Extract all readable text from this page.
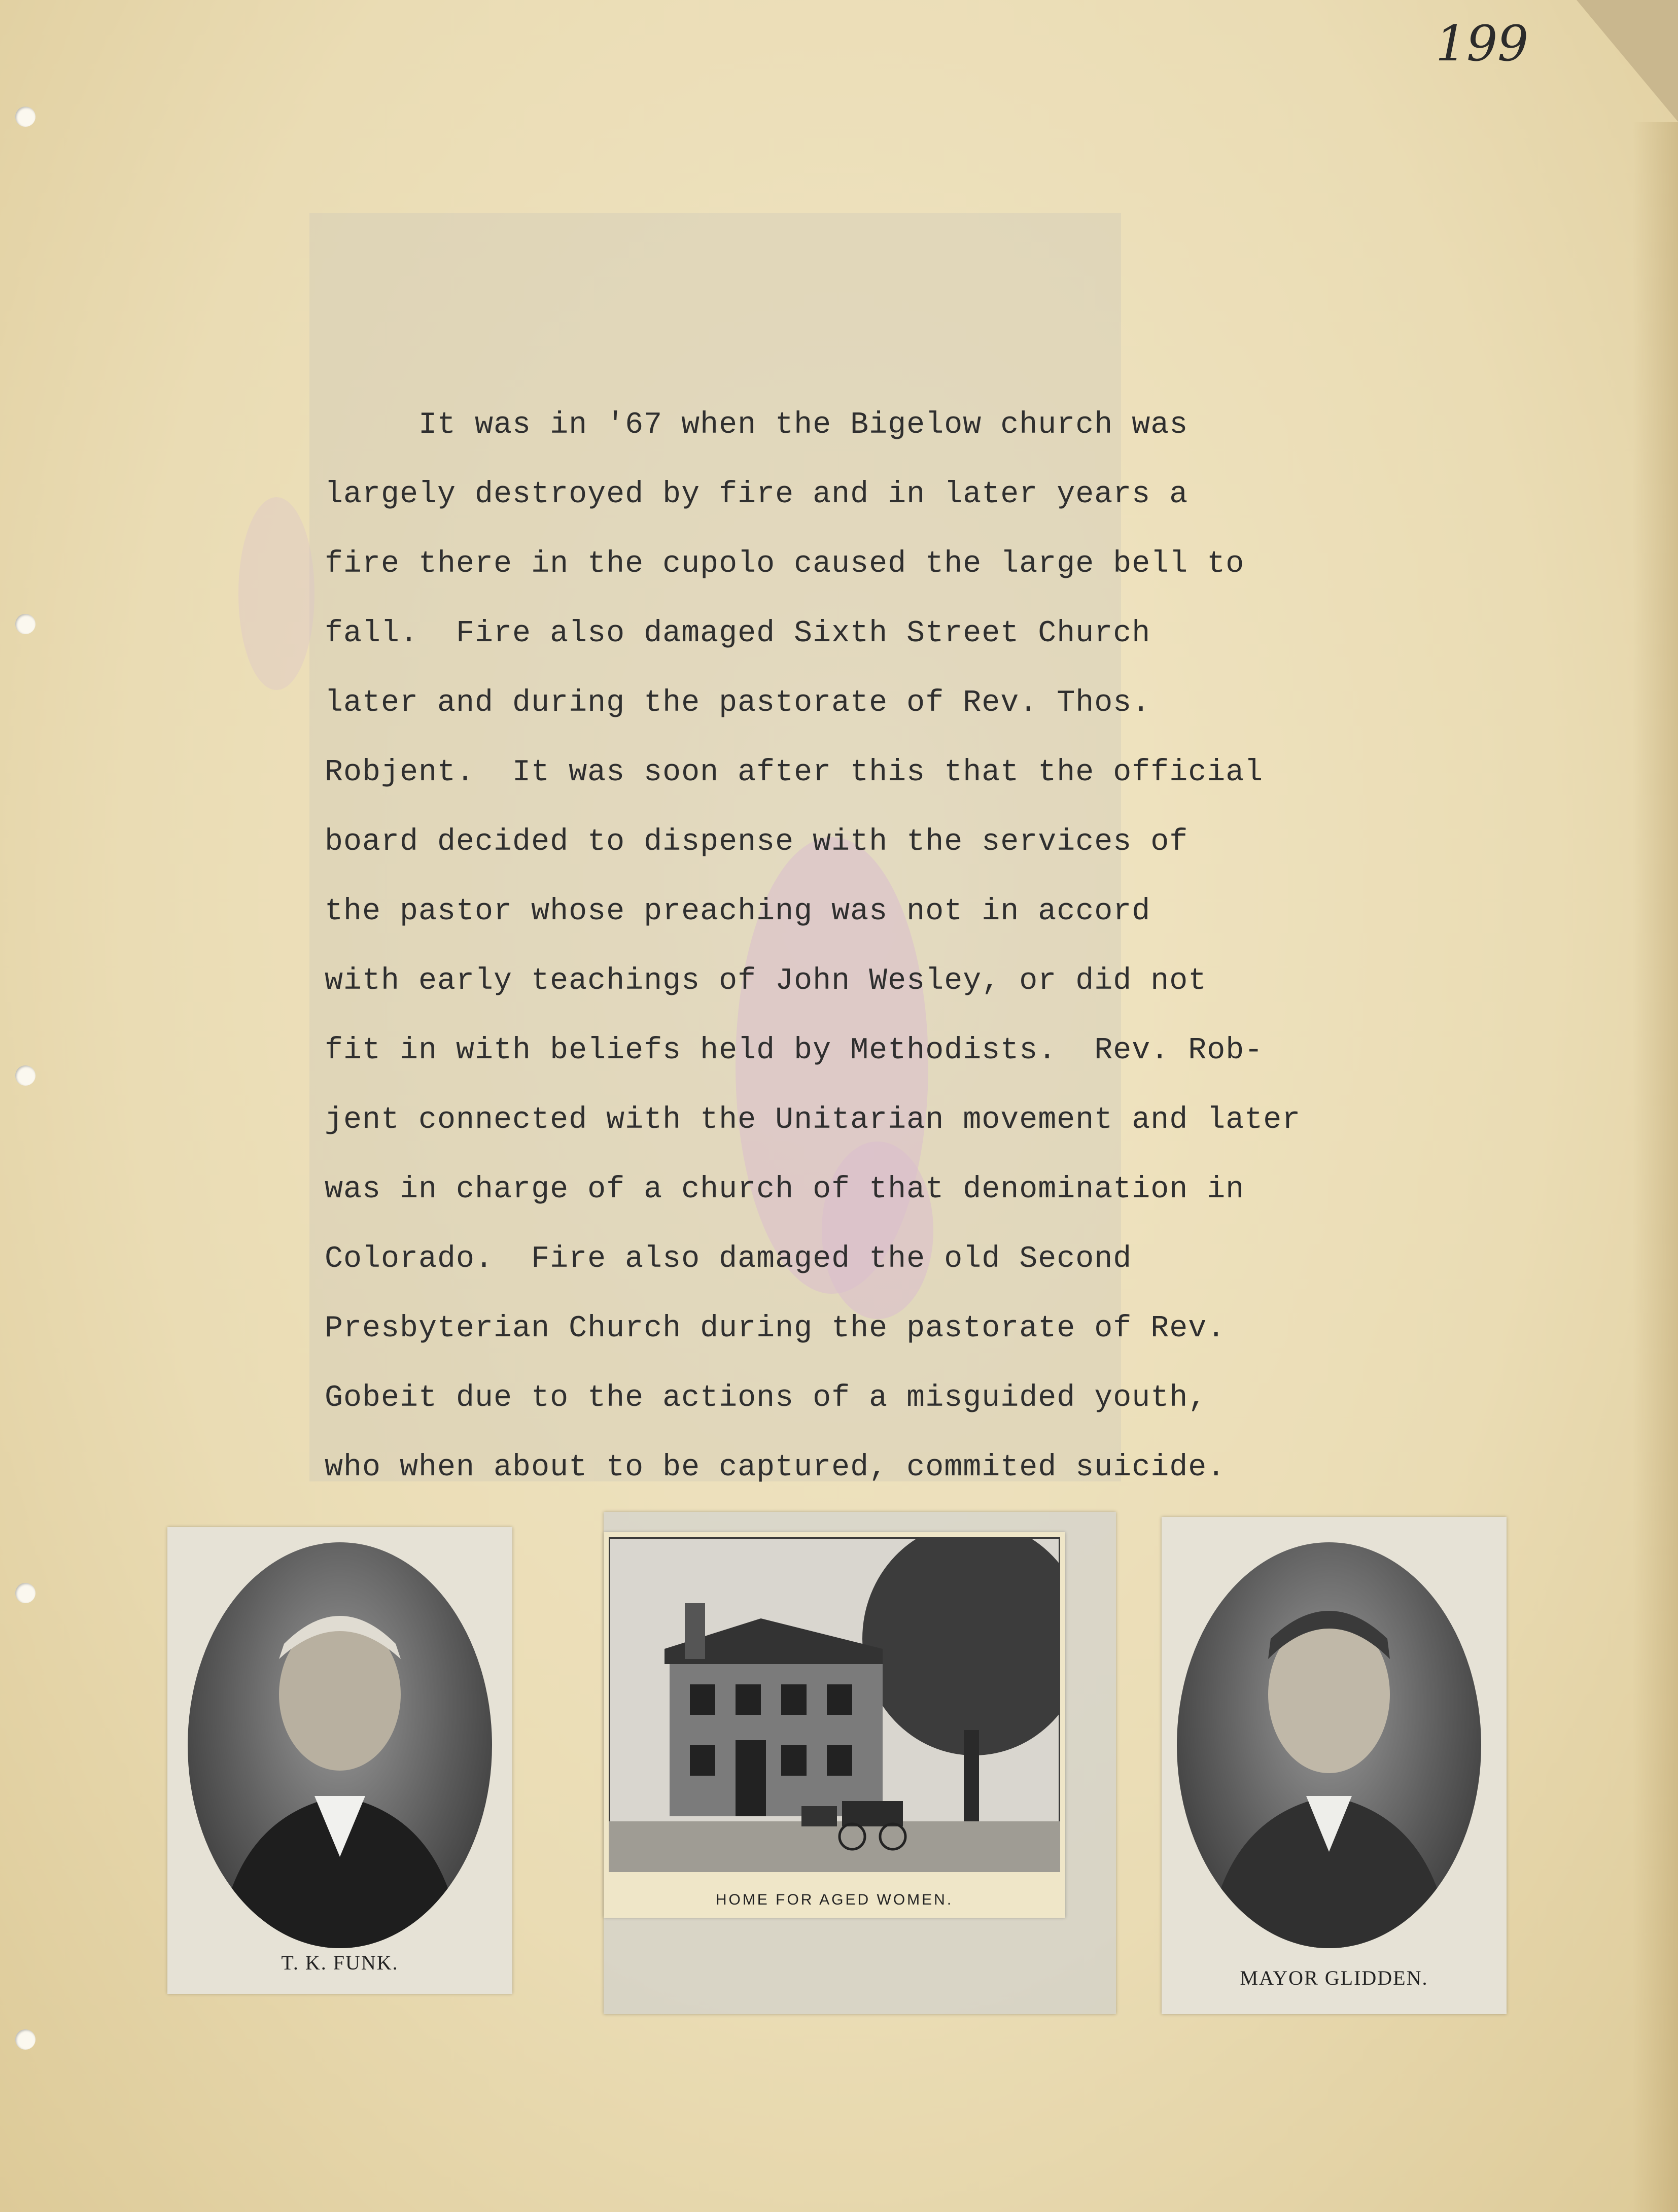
199

It was in '67 when the Bigelow church was

largely destroyed by fire and in later years a

fire there in the cupolo caused the large bell to

fall.  Fire also damaged Sixth Street Church

later and during the pastorate of Rev. Thos.

Robjent.  It was soon after this that the official

board decided to dispense with the services of

the pastor whose preaching was not in accord

with early teachings of John Wesley, or did not

fit in with beliefs held by Methodists.  Rev. Rob-

jent connected with the Unitarian movement and later

was in charge of a church of that denomination in

Colorado.  Fire also damaged the old Second

Presbyterian Church during the pastorate of Rev.

Gobeit due to the actions of a misguided youth,

who when about to be captured, commited suicide.

T. K. FUNK.
HOME FOR AGED WOMEN.
MAYOR GLIDDEN.
